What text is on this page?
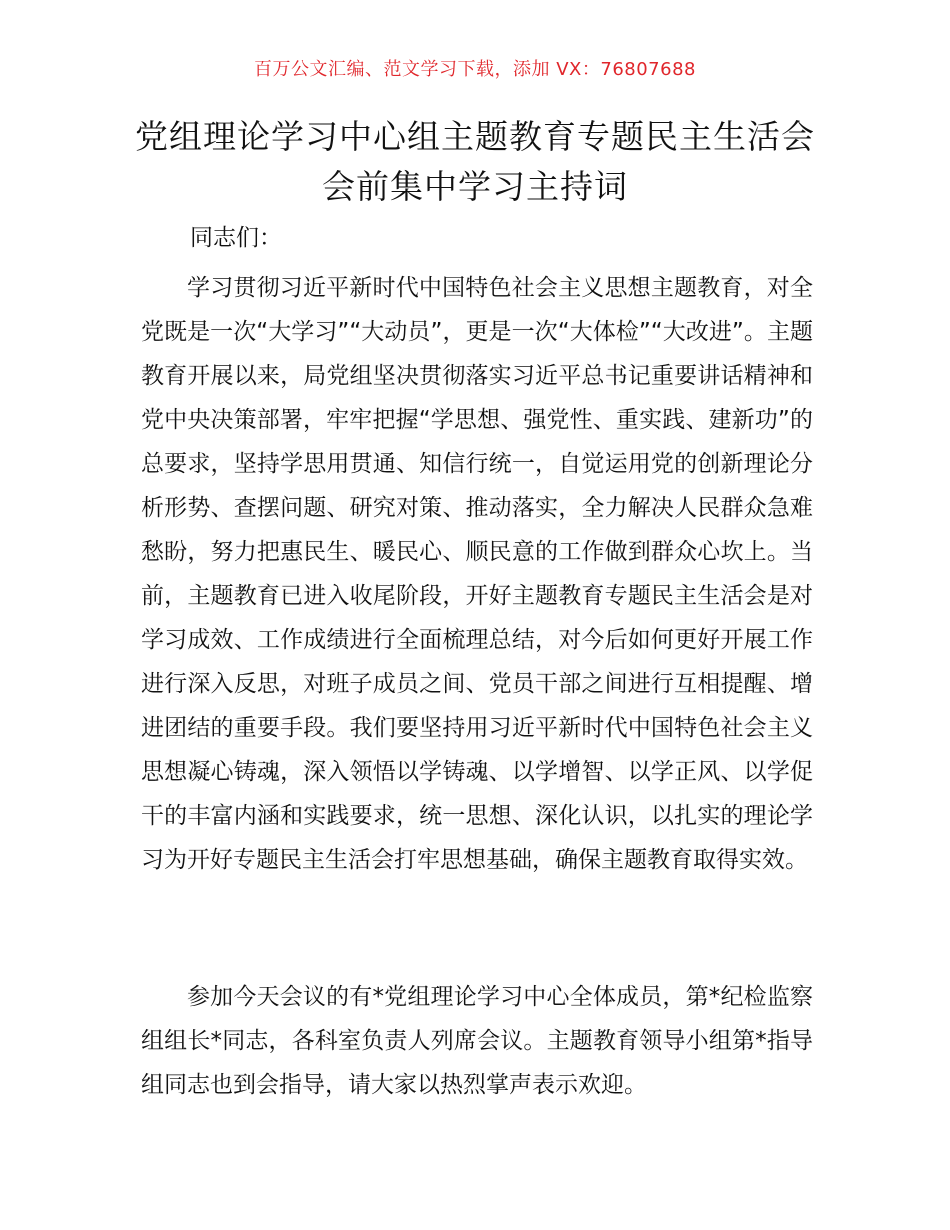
百万公文汇编、范文学习下载，添加 VX：76807688
党组理论学习中心组主题教育专题民主生活会
会前集中学习主持词
同志们：

学习贯彻习近平新时代中国特色社会主义思想主题教育，对全党既是一次“大学习”“大动员”，更是一次“大体检”“大改进”。主题教育开展以来，局党组坚决贯彻落实习近平总书记重要讲话精神和党中央决策部署，牢牢把握“学思想、强党性、重实践、建新功”的总要求，坚持学思用贯通、知信行统一，自觉运用党的创新理论分析形势、查摆问题、研究对策、推动落实，全力解决人民群众急难愁盼，努力把惠民生、暖民心、顺民意的工作做到群众心坎上。当前，主题教育已进入收尾阶段，开好主题教育专题民主生活会是对学习成效、工作成绩进行全面梳理总结，对今后如何更好开展工作进行深入反思，对班子成员之间、党员干部之间进行互相提醒、增进团结的重要手段。我们要坚持用习近平新时代中国特色社会主义思想凝心铸魂，深入领悟以学铸魂、以学增智、以学正风、以学促干的丰富内涵和实践要求，统一思想、深化认识，以扎实的理论学习为开好专题民主生活会打牢思想基础，确保主题教育取得实效。

参加今天会议的有*党组理论学习中心全体成员，第*纪检监察组组长*同志，各科室负责人列席会议。主题教育领导小组第*指导组同志也到会指导，请大家以热烈掌声表示欢迎。
